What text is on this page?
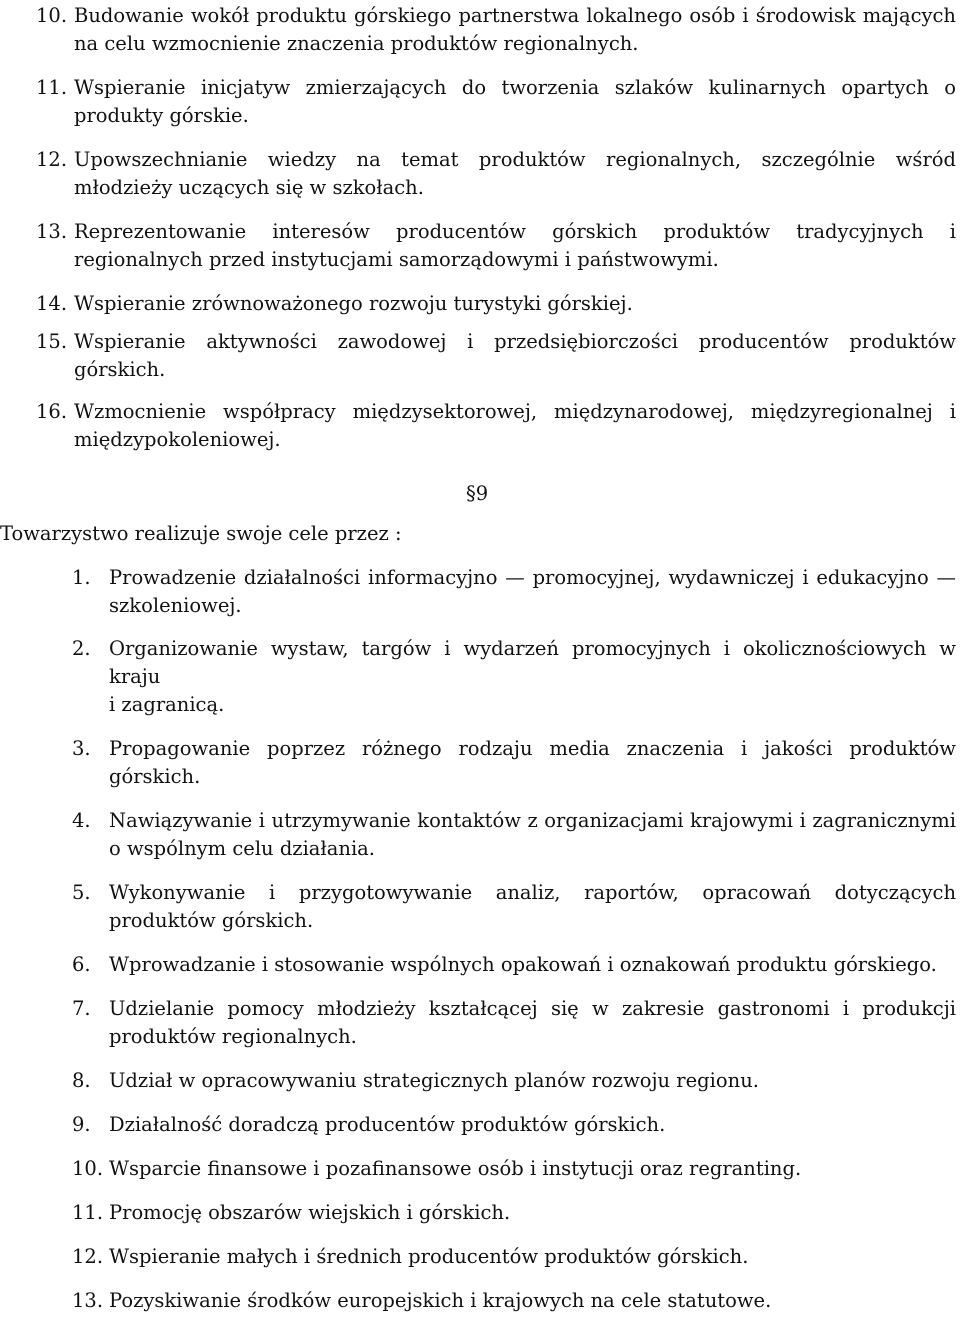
10. Budowanie wokół produktu górskiego partnerstwa lokalnego osób i środowisk mających na celu wzmocnienie znaczenia produktów regionalnych.
11. Wspieranie inicjatyw zmierzających do tworzenia szlaków kulinarnych opartych o produkty górskie.
12. Upowszechnianie wiedzy na temat produktów regionalnych, szczególnie wśród młodzieży uczących się w szkołach.
13. Reprezentowanie interesów producentów górskich produktów tradycyjnych i regionalnych przed instytucjami samorządowymi i państwowymi.
14. Wspieranie zrównoważonego rozwoju turystyki górskiej.
15. Wspieranie aktywności zawodowej i przedsiębiorczości producentów produktów górskich.
16. Wzmocnienie współpracy międzysektorowej, międzynarodowej, międzyregionalnej i międzypokoleniowej.
§9
Towarzystwo realizuje swoje cele przez :
1. Prowadzenie działalności informacyjno — promocyjnej, wydawniczej i edukacyjno — szkoleniowej.
2. Organizowanie wystaw, targów i wydarzeń promocyjnych i okolicznościowych w kraju
i zagranicą.
3. Propagowanie poprzez różnego rodzaju media znaczenia i jakości produktów górskich.
4. Nawiązywanie i utrzymywanie kontaktów z organizacjami krajowymi i zagranicznymi o wspólnym celu działania.
5. Wykonywanie i przygotowywanie analiz, raportów, opracowań dotyczących produktów górskich.
6. Wprowadzanie i stosowanie wspólnych opakowań i oznakowań produktu górskiego.
7. Udzielanie pomocy młodzieży kształcącej się w zakresie gastronomi i produkcji produktów regionalnych.
8. Udział w opracowywaniu strategicznych planów rozwoju regionu.
9. Działalność doradczą producentów produktów górskich.
10. Wsparcie finansowe i pozafinansowe osób i instytucji oraz regranting.
11. Promocję obszarów wiejskich i górskich.
12. Wspieranie małych i średnich producentów produktów górskich.
13. Pozyskiwanie środków europejskich i krajowych na cele statutowe.
